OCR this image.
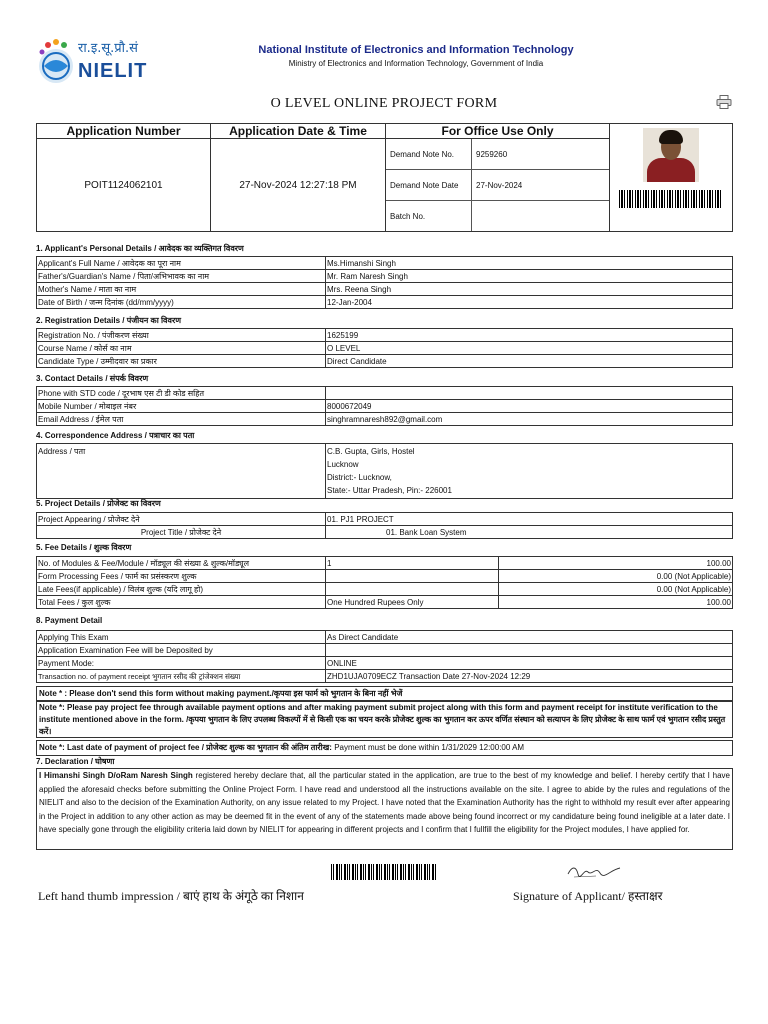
रा.इ.सू.प्रौ.सं
NIELIT
National Institute of Electronics and Information Technology
Ministry of Electronics and Information Technology, Government of India
O LEVEL ONLINE PROJECT FORM
Application Number	Application Date & Time	For Office Use Only	

POIT1124062101	27-Nov-2024 12:27:18 PM	
Demand Note No.	9259260
Demand Note Date	27-Nov-2024
Batch No.	
1. Applicant's Personal Details / आवेदक का व्यक्तिगत विवरण
Applicant's Full Name / आवेदक का पूरा नाम	Ms.Himanshi Singh
Father's/Guardian's Name / पिता/अभिभावक का नाम	Mr. Ram Naresh Singh
Mother's Name / माता का नाम	Mrs. Reena Singh
Date of Birth / जन्म दिनांक (dd/mm/yyyy)	12-Jan-2004
2. Registration Details / पंजीयन का विवरण
Registration No. / पंजीकरण संख्या	1625199
Course Name / कोर्स का नाम	O LEVEL
Candidate Type / उम्मीदवार का प्रकार	Direct Candidate
3. Contact Details / संपर्क विवरण
Phone with STD code / दूरभाष एस टी डी कोड सहित	
Mobile Number / मोबाइल नंबर	8000672049
Email Address / ईमेल पता	singhramnaresh892@gmail.com
4. Correspondence Address / पत्राचार का पता
Address / पता	C.B. Gupta, Girls, Hostel
Lucknow
District:- Lucknow,
State:- Uttar Pradesh, Pin:- 226001
5. Project Details / प्रोजेक्ट का विवरण
Project Appearing / प्रोजेक्ट देने	01. PJ1 PROJECT
Project Title / प्रोजेक्ट देने	01. Bank Loan System
5. Fee Details / शुल्क विवरण
No. of Modules & Fee/Module / मॉड्यूल की संख्या & शुल्क/मॉड्यूल	1	100.00
Form Processing Fees / फार्म का प्रसंस्करण शुल्क		0.00 (Not Applicable)
Late Fees(if applicable) / विलंब शुल्क (यदि लागू हो)		0.00 (Not Applicable)
Total Fees / कुल शुल्क	One Hundred Rupees Only	100.00
8. Payment Detail
Applying This Exam	As Direct Candidate
Application Examination Fee will be Deposited by	
Payment Mode:	ONLINE
Transaction no. of payment receipt भुगतान रसीद की ट्रांजेक्शन संख्या	ZHD1UJA0709ECZ Transaction Date 27-Nov-2024 12:29
Note * : Please don't send this form without making payment./कृपया इस फार्म को भुगतान के बिना नहीं भेजें
Note *: Please pay project fee through available payment options and after making payment submit project along with this form and payment receipt for institute verification to the institute mentioned above in the form. /कृपया भुगतान के लिए उपलब्ध विकल्पों में से किसी एक का चयन करके प्रोजेक्ट शुल्क का भुगतान कर ऊपर वर्णित संस्थान को सत्यापन के लिए प्रोजेक्ट के साथ फार्म एवं भुगतान रसीद प्रस्तुत करें।
Note *: Last date of payment of project fee / प्रोजेक्ट शुल्क का भुगतान की अंतिम तारीख: Payment must be done within 1/31/2029 12:00:00 AM
7. Declaration / घोषणा
I Himanshi Singh D/oRam Naresh Singh registered hereby declare that, all the particular stated in the application, are true to the best of my knowledge and belief. I hereby certify that I have applied the aforesaid checks before submitting the Online Project Form. I have read and understood all the instructions available on the site. I agree to abide by the rules and regulations of the NIELIT and also to the decision of the Examination Authority, on any issue related to my Project. I have noted that the Examination Authority has the right to withhold my result ever after appearing in the Project in addition to any other action as may be deemed fit in the event of any of the statements made above being found incorrect or my candidature being found ineligible at a later date. I have specially gone through the eligibility criteria laid down by NIELIT for appearing in different projects and I confirm that I fullfill the eligibility for the Project modules, I have applied for.
Left hand thumb impression / बाएं हाथ के अंगूठे का निशान	Signature of Applicant/ हस्ताक्षर
